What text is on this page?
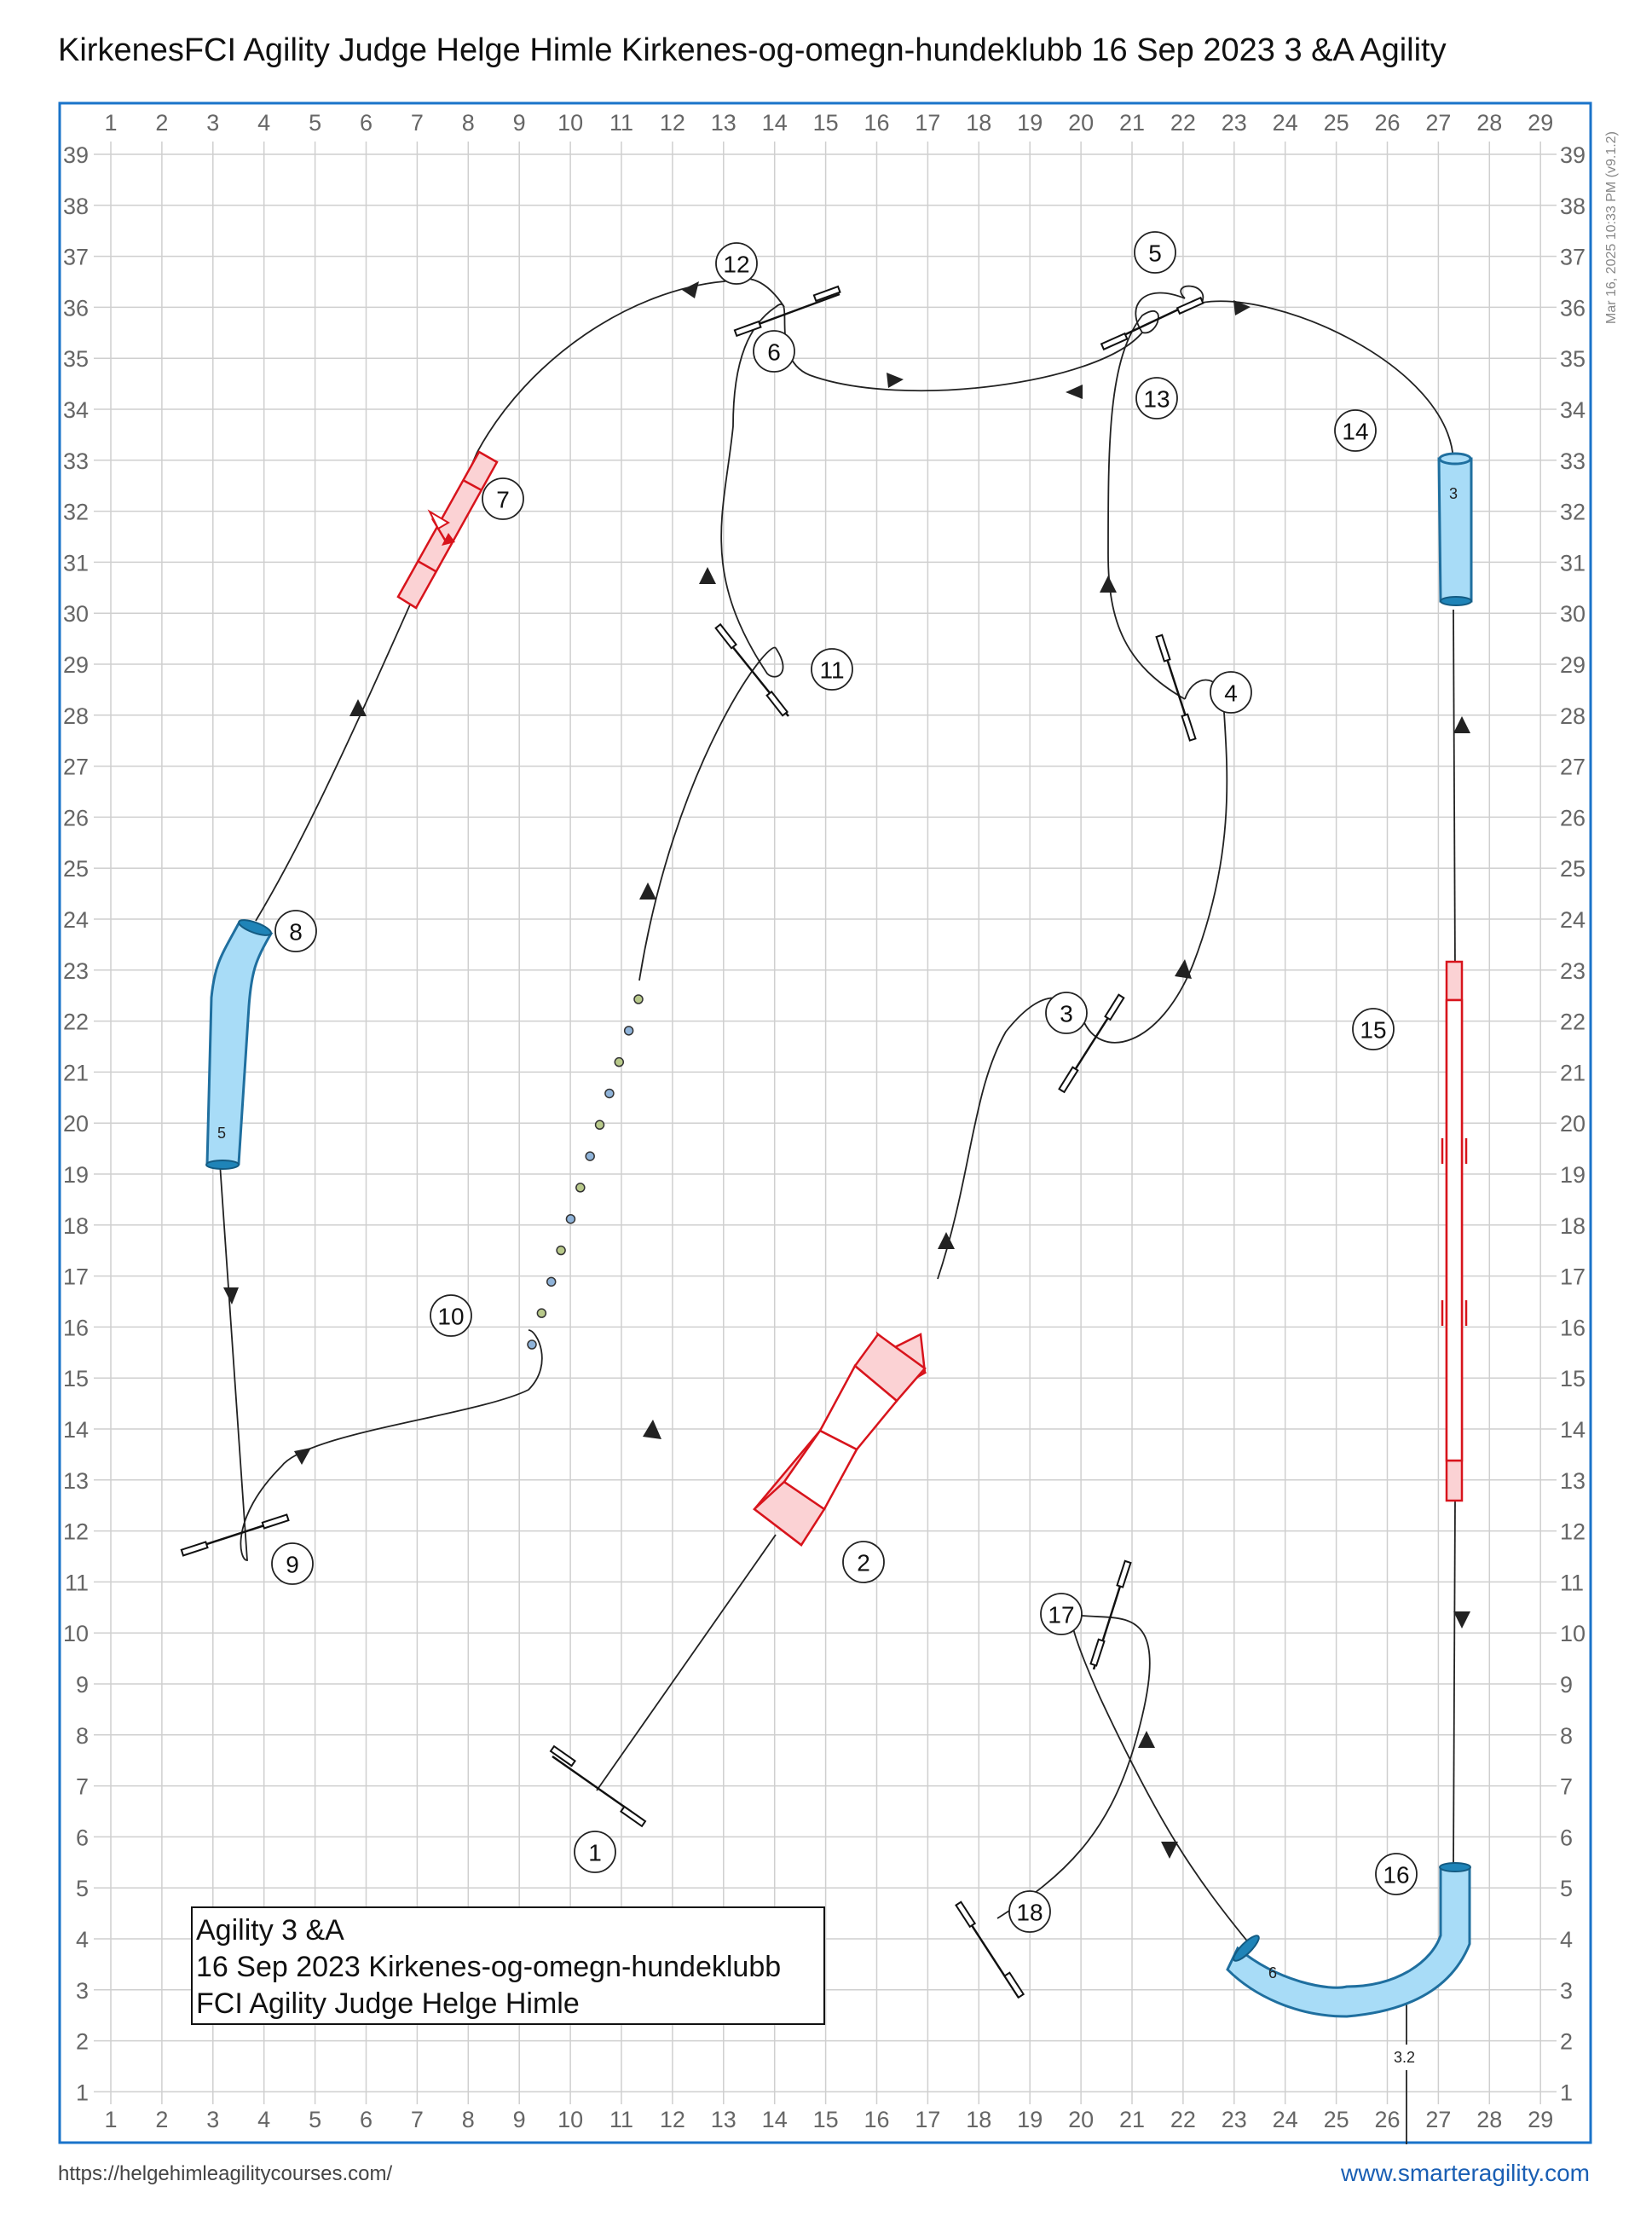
KirkenesFCI Agility Judge Helge Himle Kirkenes-og-omegn-hundeklubb 16 Sep 2023 3 &A Agility
Mar 16, 2025 10:33 PM (v9.1.2)
1
1
2
2
3
3
4
4
5
5
6
6
7
7
8
8
9
9
10
10
11
11
12
12
13
13
14
14
15
15
16
16
17
17
18
18
19
19
20
20
21
21
22
22
23
23
24
24
25
25
26
26
27
27
28
28
29
29
39	39
38	38
37	37
36	36
35	35
34	34
33	33
32	32
31	31
30	30
29	29
28	28
27	27
26	26
25	25
24	24
23	23
22	22
21	21
20	20
19	19
18	18
17	17
16	16
15	15
14	14
13	13
12	12
11	11
10	10
9	9
8	8
7	7
6	6
5	5
4	4
3	3
2	2
1	1
3
5
6
3.2
1
2
3
4
5
6
7
8
9
10
11
12
13
14
15
16
17
18
Agility 3 &A
16 Sep 2023 Kirkenes-og-omegn-hundeklubb
FCI Agility Judge Helge Himle
https://helgehimleagilitycourses.com/	www.smarteragility.com
